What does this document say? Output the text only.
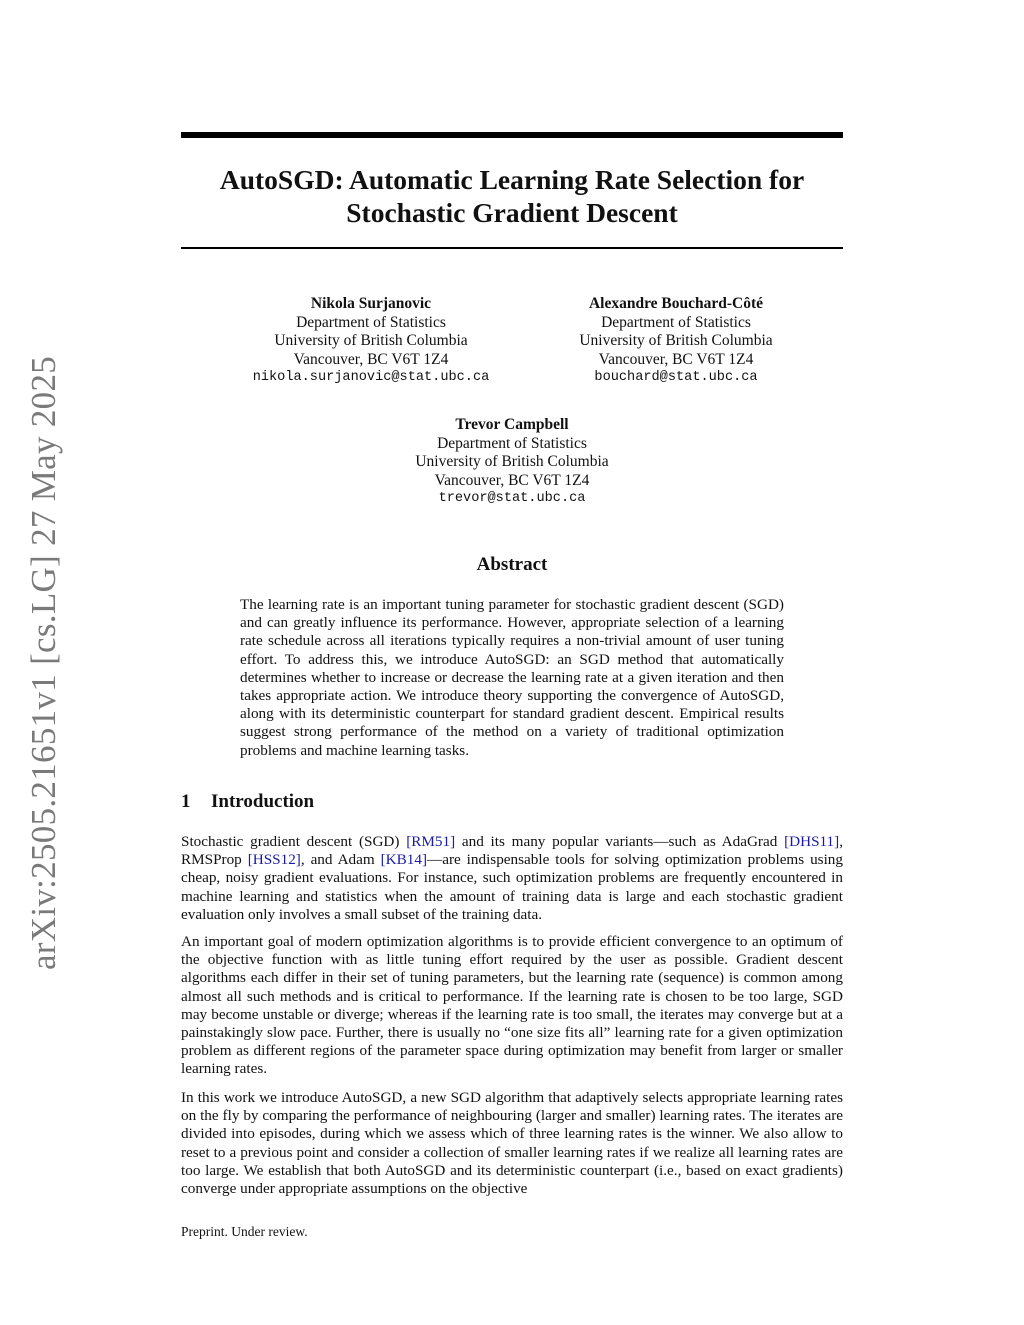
arXiv:2505.21651v1 [cs.LG] 27 May 2025
AutoSGD: Automatic Learning Rate Selection for
Stochastic Gradient Descent
Nikola Surjanovic
Department of Statistics
University of British Columbia
Vancouver, BC V6T 1Z4
nikola.surjanovic@stat.ubc.ca
Alexandre Bouchard-Côté
Department of Statistics
University of British Columbia
Vancouver, BC V6T 1Z4
bouchard@stat.ubc.ca
Trevor Campbell
Department of Statistics
University of British Columbia
Vancouver, BC V6T 1Z4
trevor@stat.ubc.ca
Abstract
The learning rate is an important tuning parameter for stochastic gradient descent (SGD) and can greatly influence its performance. However, appropriate selection of a learning rate schedule across all iterations typically requires a non-trivial amount of user tuning effort. To address this, we introduce AutoSGD: an SGD method that automatically determines whether to increase or decrease the learning rate at a given iteration and then takes appropriate action. We introduce theory supporting the convergence of AutoSGD, along with its deterministic counterpart for standard gradient descent. Empirical results suggest strong performance of the method on a variety of traditional optimization problems and machine learning tasks.
1 Introduction

Stochastic gradient descent (SGD) [RM51] and its many popular variants—such as AdaGrad [DHS11], RMSProp [HSS12], and Adam [KB14]—are indispensable tools for solving optimization problems using cheap, noisy gradient evaluations. For instance, such optimization problems are frequently encountered in machine learning and statistics when the amount of training data is large and each stochastic gradient evaluation only involves a small subset of the training data.

An important goal of modern optimization algorithms is to provide efficient convergence to an optimum of the objective function with as little tuning effort required by the user as possible. Gradient descent algorithms each differ in their set of tuning parameters, but the learning rate (sequence) is common among almost all such methods and is critical to performance. If the learning rate is chosen to be too large, SGD may become unstable or diverge; whereas if the learning rate is too small, the iterates may converge but at a painstakingly slow pace. Further, there is usually no “one size fits all” learning rate for a given optimization problem as different regions of the parameter space during optimization may benefit from larger or smaller learning rates.

In this work we introduce AutoSGD, a new SGD algorithm that adaptively selects appropriate learning rates on the fly by comparing the performance of neighbouring (larger and smaller) learning rates. The iterates are divided into episodes, during which we assess which of three learning rates is the winner. We also allow to reset to a previous point and consider a collection of smaller learning rates if we realize all learning rates are too large. We establish that both AutoSGD and its deterministic counterpart (i.e., based on exact gradients) converge under appropriate assumptions on the objective

Preprint. Under review.
